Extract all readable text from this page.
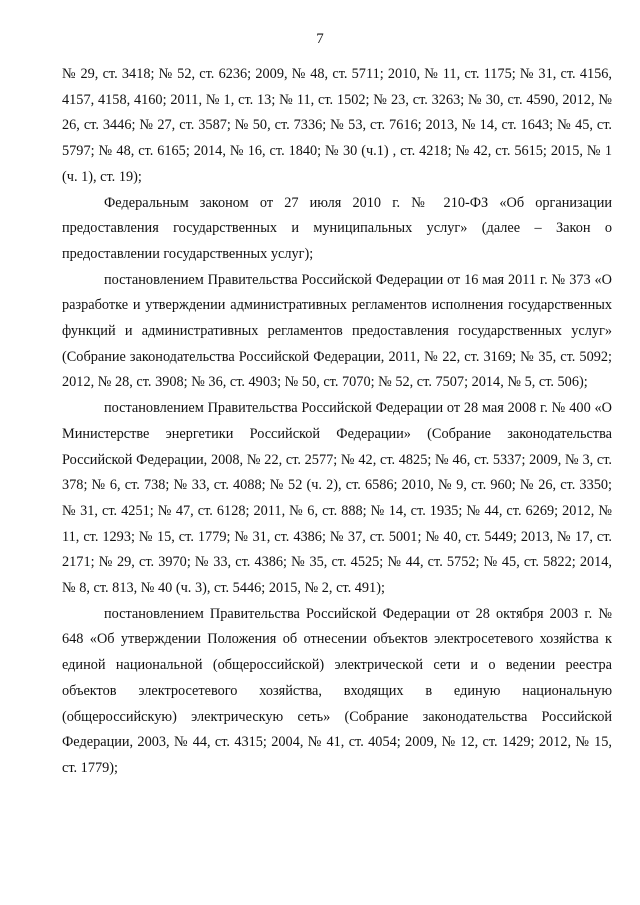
7

№ 29, ст. 3418; № 52, ст. 6236; 2009, № 48, ст. 5711; 2010, № 11, ст. 1175; № 31, ст. 4156, 4157, 4158, 4160; 2011, № 1, ст. 13; № 11, ст. 1502; № 23, ст. 3263; № 30, ст. 4590, 2012, № 26, ст. 3446; № 27, ст. 3587; № 50, ст. 7336; № 53, ст. 7616; 2013, № 14, ст. 1643; № 45, ст. 5797; № 48, ст. 6165; 2014, № 16, ст. 1840; № 30 (ч.1) , ст. 4218; № 42, ст. 5615; 2015, № 1 (ч. 1), ст. 19);

Федеральным законом от 27 июля 2010 г. № 210-ФЗ «Об организации предоставления государственных и муниципальных услуг» (далее – Закон о предоставлении государственных услуг);

постановлением Правительства Российской Федерации от 16 мая 2011 г. № 373 «О разработке и утверждении административных регламентов исполнения государственных функций и административных регламентов предоставления государственных услуг» (Собрание законодательства Российской Федерации, 2011, № 22, ст. 3169; № 35, ст. 5092; 2012, № 28, ст. 3908; № 36, ст. 4903; № 50, ст. 7070; № 52, ст. 7507; 2014, № 5, ст. 506);

постановлением Правительства Российской Федерации от 28 мая 2008 г. № 400 «О Министерстве энергетики Российской Федерации» (Собрание законодательства Российской Федерации, 2008, № 22, ст. 2577; № 42, ст. 4825; № 46, ст. 5337; 2009, № 3, ст. 378; № 6, ст. 738; № 33, ст. 4088; № 52 (ч. 2), ст. 6586; 2010, № 9, ст. 960; № 26, ст. 3350; № 31, ст. 4251; № 47, ст. 6128; 2011, № 6, ст. 888; № 14, ст. 1935; № 44, ст. 6269; 2012, № 11, ст. 1293; № 15, ст. 1779; № 31, ст. 4386; № 37, ст. 5001; № 40, ст. 5449; 2013, № 17, ст. 2171; № 29, ст. 3970; № 33, ст. 4386; № 35, ст. 4525; № 44, ст. 5752; № 45, ст. 5822; 2014, № 8, ст. 813, № 40 (ч. 3), ст. 5446; 2015, № 2, ст. 491);

постановлением Правительства Российской Федерации от 28 октября 2003 г. № 648 «Об утверждении Положения об отнесении объектов электросетевого хозяйства к единой национальной (общероссийской) электрической сети и о ведении реестра объектов электросетевого хозяйства, входящих в единую национальную (общероссийскую) электрическую сеть» (Собрание законодательства Российской Федерации, 2003, № 44, ст. 4315; 2004, № 41, ст. 4054; 2009, № 12, ст. 1429; 2012, № 15, ст. 1779);
